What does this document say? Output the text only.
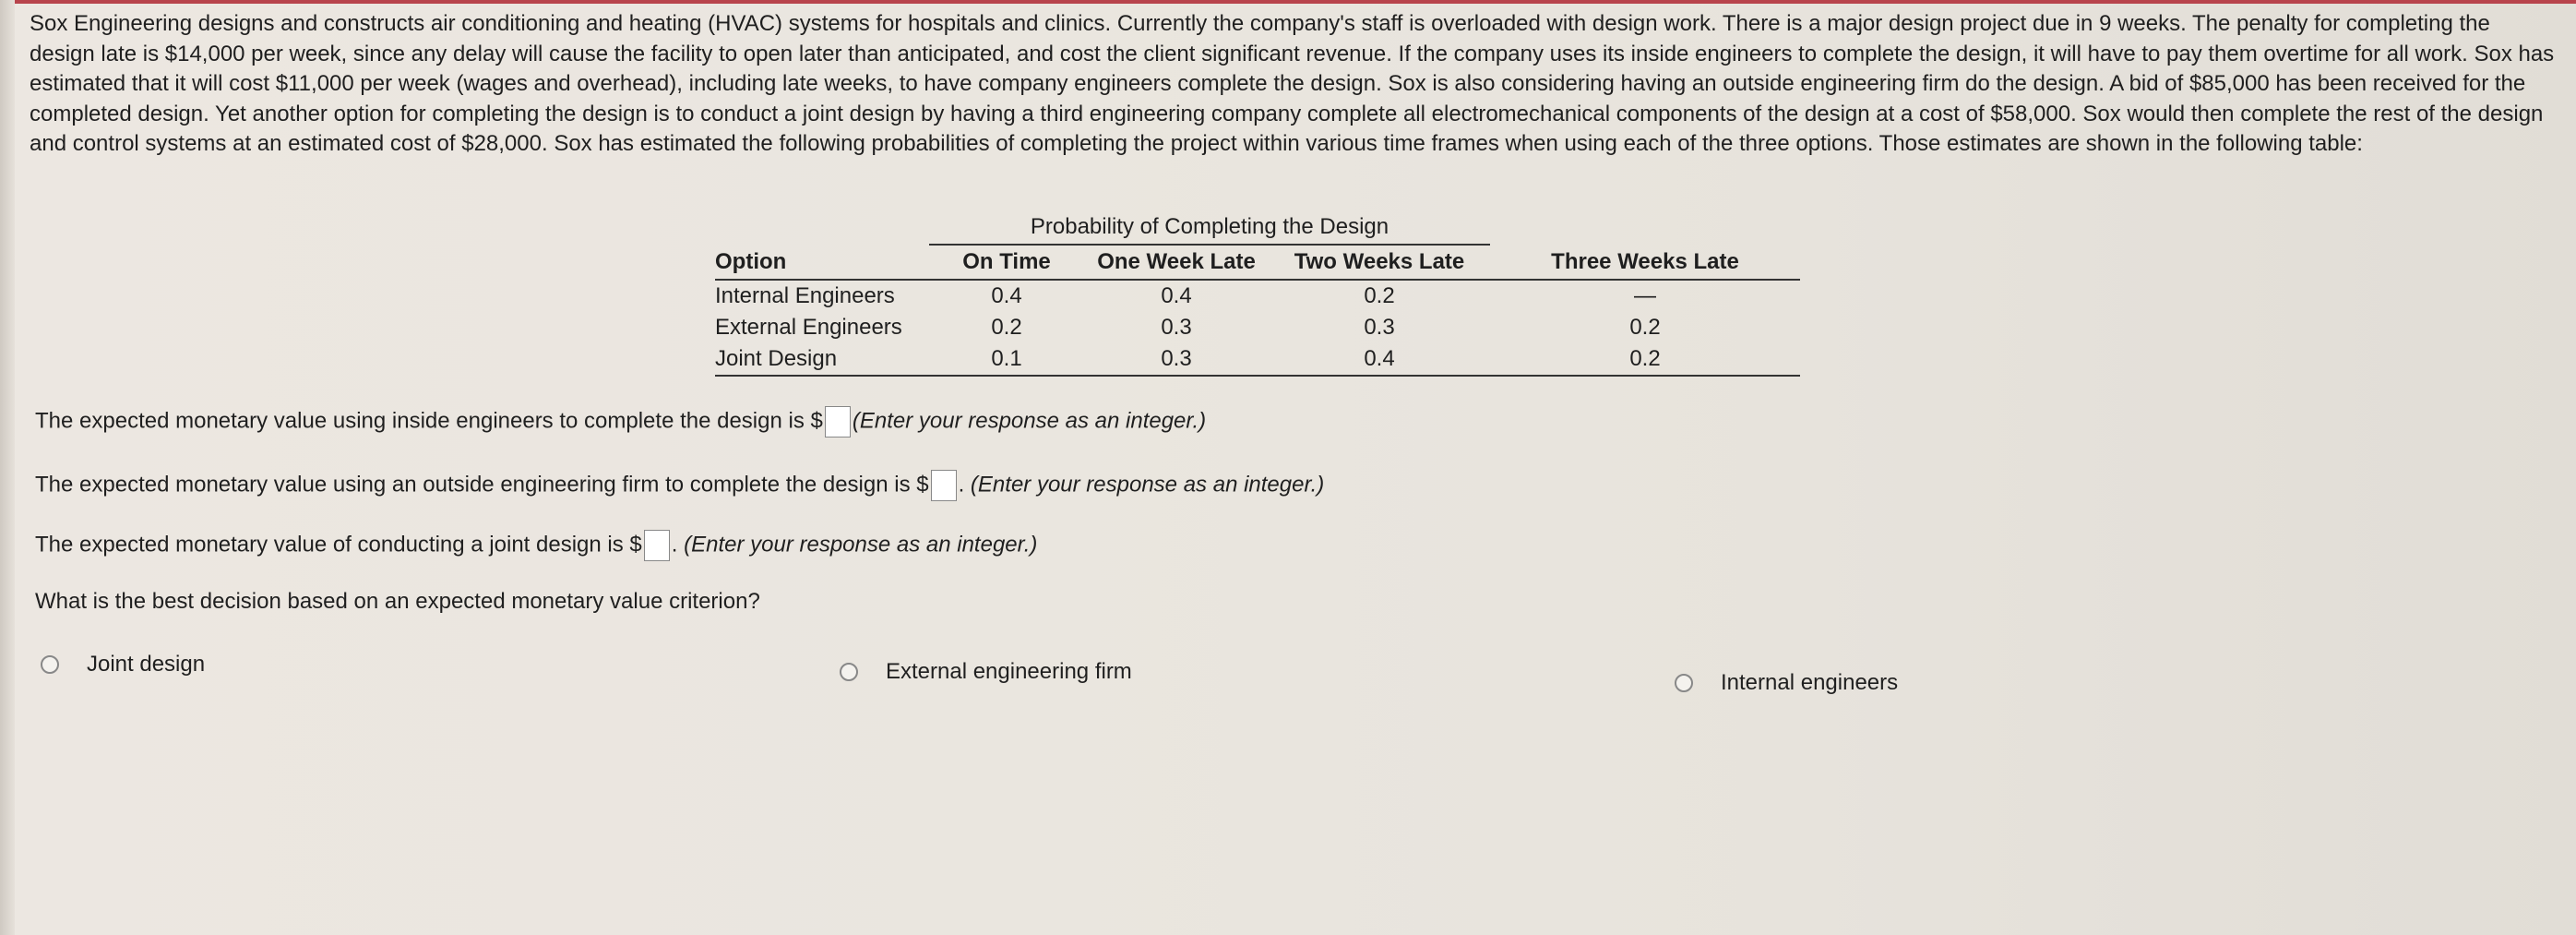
Sox Engineering designs and constructs air conditioning and heating (HVAC) systems for hospitals and clinics. Currently the company's staff is overloaded with design work. There is a major design project due in 9 weeks. The penalty for completing the design late is $14,000 per week, since any delay will cause the facility to open later than anticipated, and cost the client significant revenue. If the company uses its inside engineers to complete the design, it will have to pay them overtime for all work. Sox has estimated that it will cost $11,000 per week (wages and overhead), including late weeks, to have company engineers complete the design. Sox is also considering having an outside engineering firm do the design. A bid of $85,000 has been received for the completed design. Yet another option for completing the design is to conduct a joint design by having a third engineering company complete all electromechanical components of the design at a cost of $58,000. Sox would then complete the rest of the design and control systems at an estimated cost of $28,000. Sox has estimated the following probabilities of completing the project within various time frames when using each of the three options. Those estimates are shown in the following table:

	Probability of Completing the Design			
Option	On Time	One Week Late	Two Weeks Late	Three Weeks Late
Internal Engineers	0.4	0.4	0.2	—
External Engineers	0.2	0.3	0.3	0.2
Joint Design	0.1	0.3	0.4	0.2
The expected monetary value using inside engineers to complete the design is $ (Enter your response as an integer.)
The expected monetary value using an outside engineering firm to complete the design is $ . (Enter your response as an integer.)
The expected monetary value of conducting a joint design is $ . (Enter your response as an integer.)
What is the best decision based on an expected monetary value criterion?
Joint design	External engineering firm	Internal engineers
